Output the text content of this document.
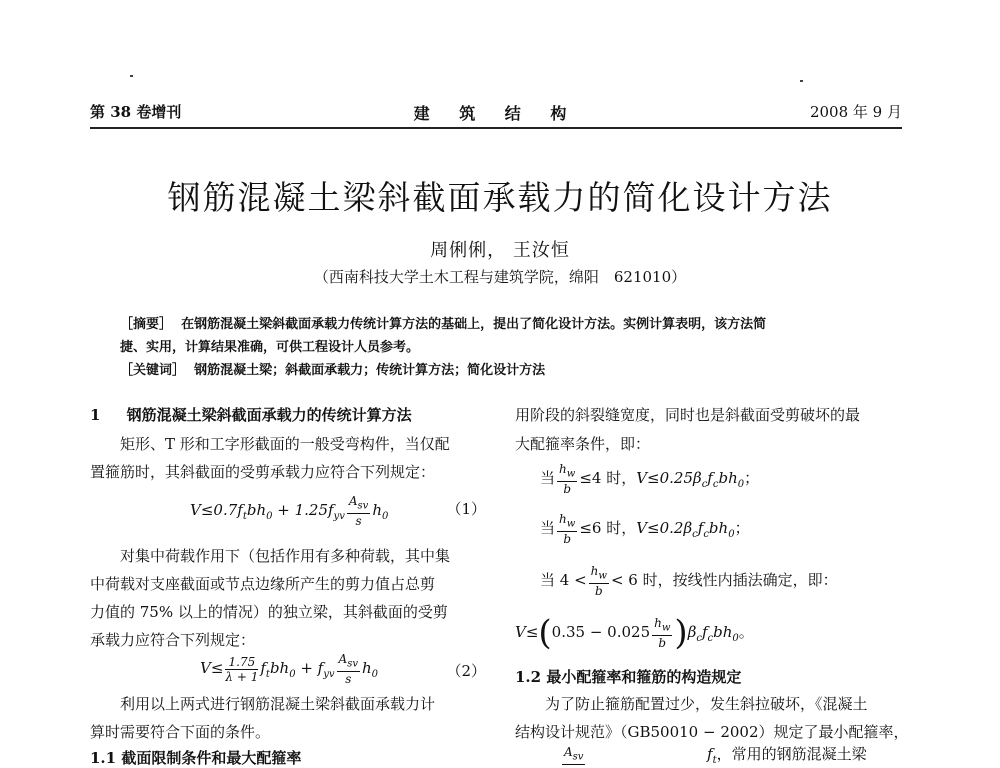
第 38 卷增刊	建 筑 结 构	2008 年 9 月
钢筋混凝土梁斜截面承载力的简化设计方法
周俐俐， 王汝恒
（西南科技大学土木工程与建筑学院，绵阳　621010）
［摘要］ 在钢筋混凝土梁斜截面承载力传统计算方法的基础上，提出了简化设计方法。实例计算表明，该方法简
捷、实用，计算结果准确，可供工程设计人员参考。
［关键词］ 钢筋混凝土梁；斜截面承载力；传统计算方法；简化设计方法
1 钢筋混凝土梁斜截面承载力的传统计算方法
矩形、T 形和工字形截面的一般受弯构件，当仅配
置箍筋时，其斜截面的受剪承载力应符合下列规定：
$V\le 0.7f_tbh_0 + 1.25f_{yv} \frac{A_{sv}}{s} h_0$	（1）
对集中荷载作用下（包括作用有多种荷载，其中集
中荷载对支座截面或节点边缘所产生的剪力值占总剪
力值的 75% 以上的情况）的独立梁，其斜截面的受剪
承载力应符合下列规定：
$V\le \frac{1.75}{\lambda + 1} f_tbh_0 + f_{yv} \frac{A_{sv}}{s} h_0$	（2）
利用以上两式进行钢筋混凝土梁斜截面承载力计
算时需要符合下面的条件。
1.1 截面限制条件和最大配箍率
用阶段的斜裂缝宽度，同时也是斜截面受剪破坏的最
大配箍率条件，即：
当 $\frac{h_w}{b} \le 4$ 时，$V\le 0.25\beta_cf_cbh_0$；
当 $\frac{h_w}{b} \le 6$ 时，$V\le 0.2\beta_cf_cbh_0$；
当 $4 < \frac{h_w}{b} < 6$ 时，按线性内插法确定，即：
$V\le(0.35 - 0.025 \frac{h_w}{b} )\beta_cf_cbh_0$。
1.2 最小配箍率和箍筋的构造规定
为了防止箍筋配置过少，发生斜拉破坏，《混凝土
结构设计规范》（GB50010 − 2002）规定了最小配箍率，
$A_{sv}$	$f_t$，常用的钢筋混凝土梁
